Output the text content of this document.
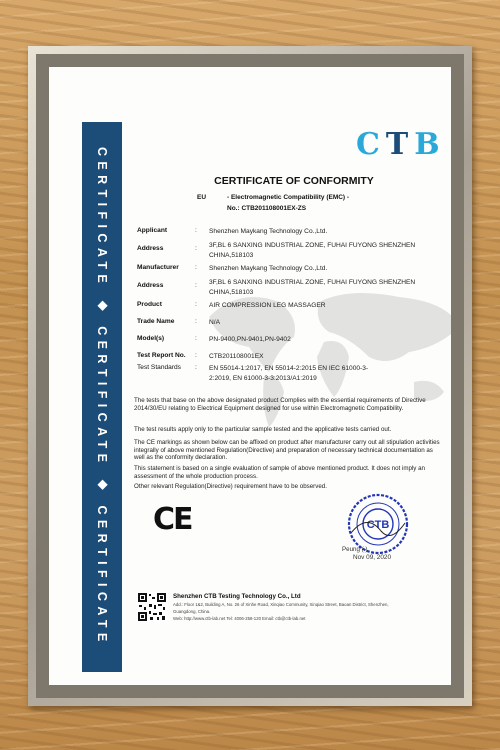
CERTIFICATE ◆ CERTIFICATE ◆ CERTIFICATE
CTB
CERTIFICATE OF CONFORMITY
EU	- Electromagnetic Compatibility (EMC) -
No.: CTB201108001EX-ZS
Applicant	: Shenzhen Maykang Technology Co.,Ltd.
Address	: 3F,BL 6 SANXING INDUSTRIAL ZONE, FUHAI FUYONG SHENZHEN CHINA,518103
Manufacturer : Shenzhen Maykang Technology Co.,Ltd.
Address	: 3F,BL 6 SANXING INDUSTRIAL ZONE, FUHAI FUYONG SHENZHEN CHINA,518103
Product	: AIR COMPRESSION LEG MASSAGER
Trade Name	: N/A
Model(s)	: PN-9400,PN-9401,PN-9402
Test Report No. : CTB201108001EX
Test Standards : EN 55014-1:2017, EN 55014-2:2015 EN IEC 61000-3-2:2019, EN 61000-3-3:2013/A1:2019
The tests that base on the above designated product Complies with the essential requirements of Directive 2014/30/EU relating to Electrical Equipment designed for use within Electromagnetic Compatibility.
The test results apply only to the particular sample tested and the applicative tests carried out.
The CE markings as shown below can be affixed on product after manufacturer carry out all stipulation activities integrally of above mentioned Regulation(Directive) and preparation of necessary technical documentation as well as the conformity declaration.
This statement is based on a single evaluation of sample of above mentioned product. It does not imply an assessment of the whole production process.
Other relevant Regulation(Directive) requirement have to be observed.
CE	CTB
Peung ( )
Nov 09, 2020
Shenzhen CTB Testing Technology Co., Ltd
Add.: Floor 1&2, Building A, No. 26 of Xinhe Road, Xinqiao Community, Xinqiao Street, Baoan District, Shenzhen,
Guangdong, China.
Web: http://www.ctb-lab.net Tel: 4006-258-120 Email: ctb@ctb-lab.net
